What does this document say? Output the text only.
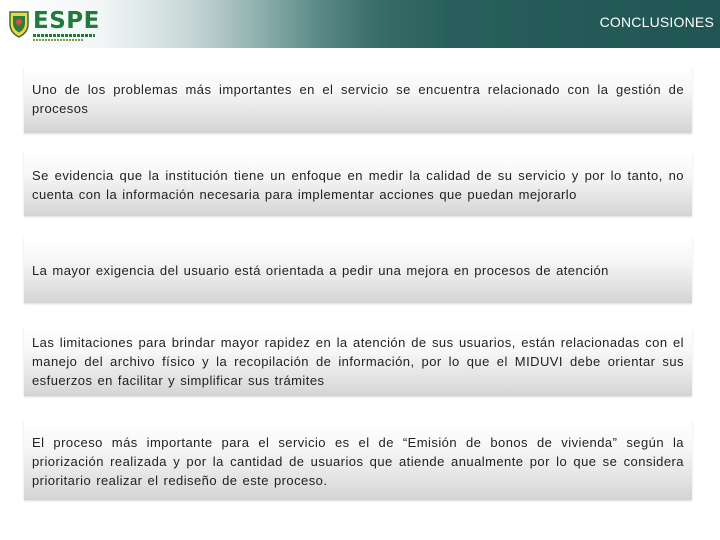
ESPE	CONCLUSIONES

Uno de los problemas más importantes en el servicio se encuentra relacionado con la gestión de procesos

Se evidencia que la institución tiene un enfoque en medir la calidad de su servicio y por lo tanto, no cuenta con la información necesaria para implementar acciones que puedan mejorarlo

La mayor exigencia del usuario está orientada a pedir una mejora en procesos de atención

Las limitaciones para brindar mayor rapidez en la atención de sus usuarios, están relacionadas con el manejo del archivo físico y la recopilación de información, por lo que el MIDUVI debe orientar sus esfuerzos en facilitar y simplificar sus trámites

El proceso más importante para el servicio es el de “Emisión de bonos de vivienda” según la priorización realizada y por la cantidad de usuarios que atiende anualmente por lo que se considera prioritario realizar el rediseño de este proceso.
